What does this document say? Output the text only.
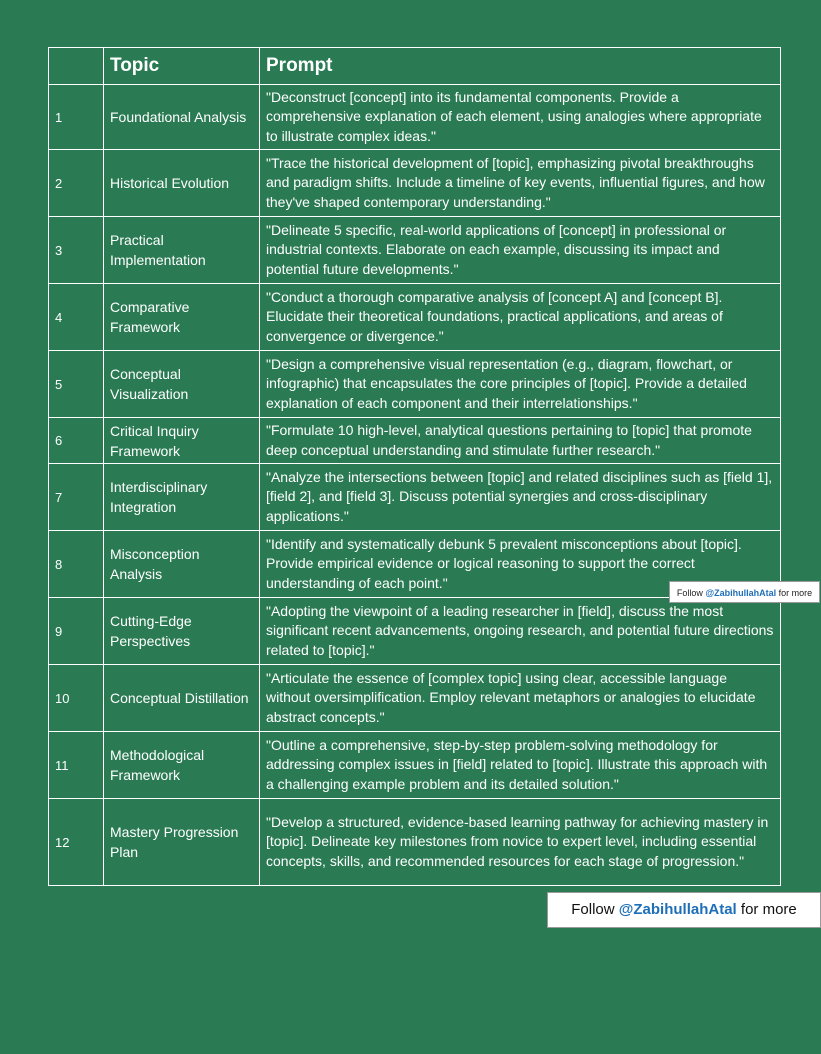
	Topic	Prompt
1	Foundational Analysis	"Deconstruct [concept] into its fundamental components. Provide a comprehensive explanation of each element, using analogies where appropriate to illustrate complex ideas."
2	Historical Evolution	"Trace the historical development of [topic], emphasizing pivotal breakthroughs and paradigm shifts. Include a timeline of key events, influential figures, and how they've shaped contemporary understanding."
3	Practical Implementation	"Delineate 5 specific, real-world applications of [concept] in professional or industrial contexts. Elaborate on each example, discussing its impact and potential future developments."
4	Comparative Framework	"Conduct a thorough comparative analysis of [concept A] and [concept B]. Elucidate their theoretical foundations, practical applications, and areas of convergence or divergence."
5	Conceptual Visualization	"Design a comprehensive visual representation (e.g., diagram, flowchart, or infographic) that encapsulates the core principles of [topic]. Provide a detailed explanation of each component and their interrelationships."
6	Critical Inquiry Framework	"Formulate 10 high-level, analytical questions pertaining to [topic] that promote deep conceptual understanding and stimulate further research."
7	Interdisciplinary Integration	"Analyze the intersections between [topic] and related disciplines such as [field 1], [field 2], and [field 3]. Discuss potential synergies and cross-disciplinary applications."
8	Misconception Analysis	"Identify and systematically debunk 5 prevalent misconceptions about [topic]. Provide empirical evidence or logical reasoning to support the correct understanding of each point."
9	Cutting-Edge Perspectives	"Adopting the viewpoint of a leading researcher in [field], discuss the most significant recent advancements, ongoing research, and potential future directions related to [topic]."
10	Conceptual Distillation	"Articulate the essence of [complex topic] using clear, accessible language without oversimplification. Employ relevant metaphors or analogies to elucidate abstract concepts."
11	Methodological Framework	"Outline a comprehensive, step-by-step problem-solving methodology for addressing complex issues in [field] related to [topic]. Illustrate this approach with a challenging example problem and its detailed solution."
12	Mastery Progression Plan	"Develop a structured, evidence-based learning pathway for achieving mastery in [topic]. Delineate key milestones from novice to expert level, including essential concepts, skills, and recommended resources for each stage of progression."
Follow @ZabihullahAtal for more
Follow @ZabihullahAtal for more
